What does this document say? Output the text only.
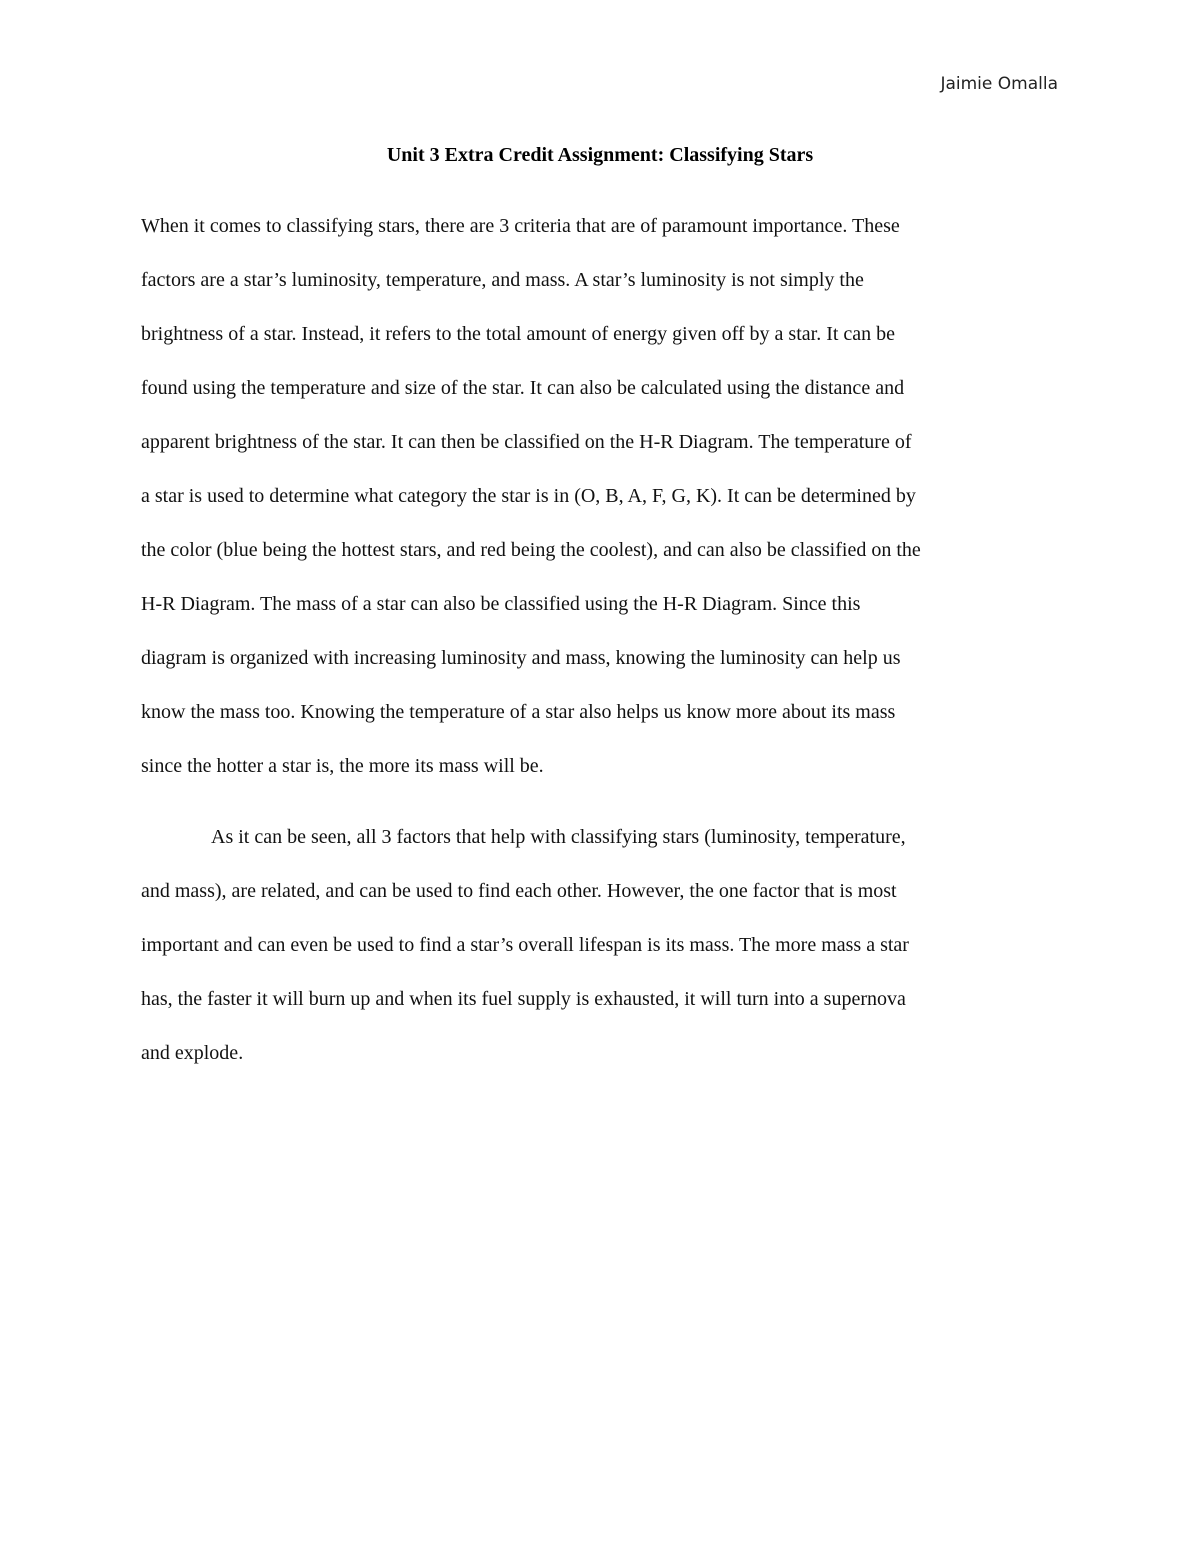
Jaimie Omalla
Unit 3 Extra Credit Assignment: Classifying Stars
When it comes to classifying stars, there are 3 criteria that are of paramount importance. These
factors are a star’s luminosity, temperature, and mass. A star’s luminosity is not simply the
brightness of a star. Instead, it refers to the total amount of energy given off by a star. It can be
found using the temperature and size of the star. It can also be calculated using the distance and
apparent brightness of the star. It can then be classified on the H-R Diagram. The temperature of
a star is used to determine what category the star is in (O, B, A, F, G, K). It can be determined by
the color (blue being the hottest stars, and red being the coolest), and can also be classified on the
H-R Diagram. The mass of a star can also be classified using the H-R Diagram. Since this
diagram is organized with increasing luminosity and mass, knowing the luminosity can help us
know the mass too. Knowing the temperature of a star also helps us know more about its mass
since the hotter a star is, the more its mass will be.
As it can be seen, all 3 factors that help with classifying stars (luminosity, temperature,
and mass), are related, and can be used to find each other. However, the one factor that is most
important and can even be used to find a star’s overall lifespan is its mass. The more mass a star
has, the faster it will burn up and when its fuel supply is exhausted, it will turn into a supernova
and explode.
